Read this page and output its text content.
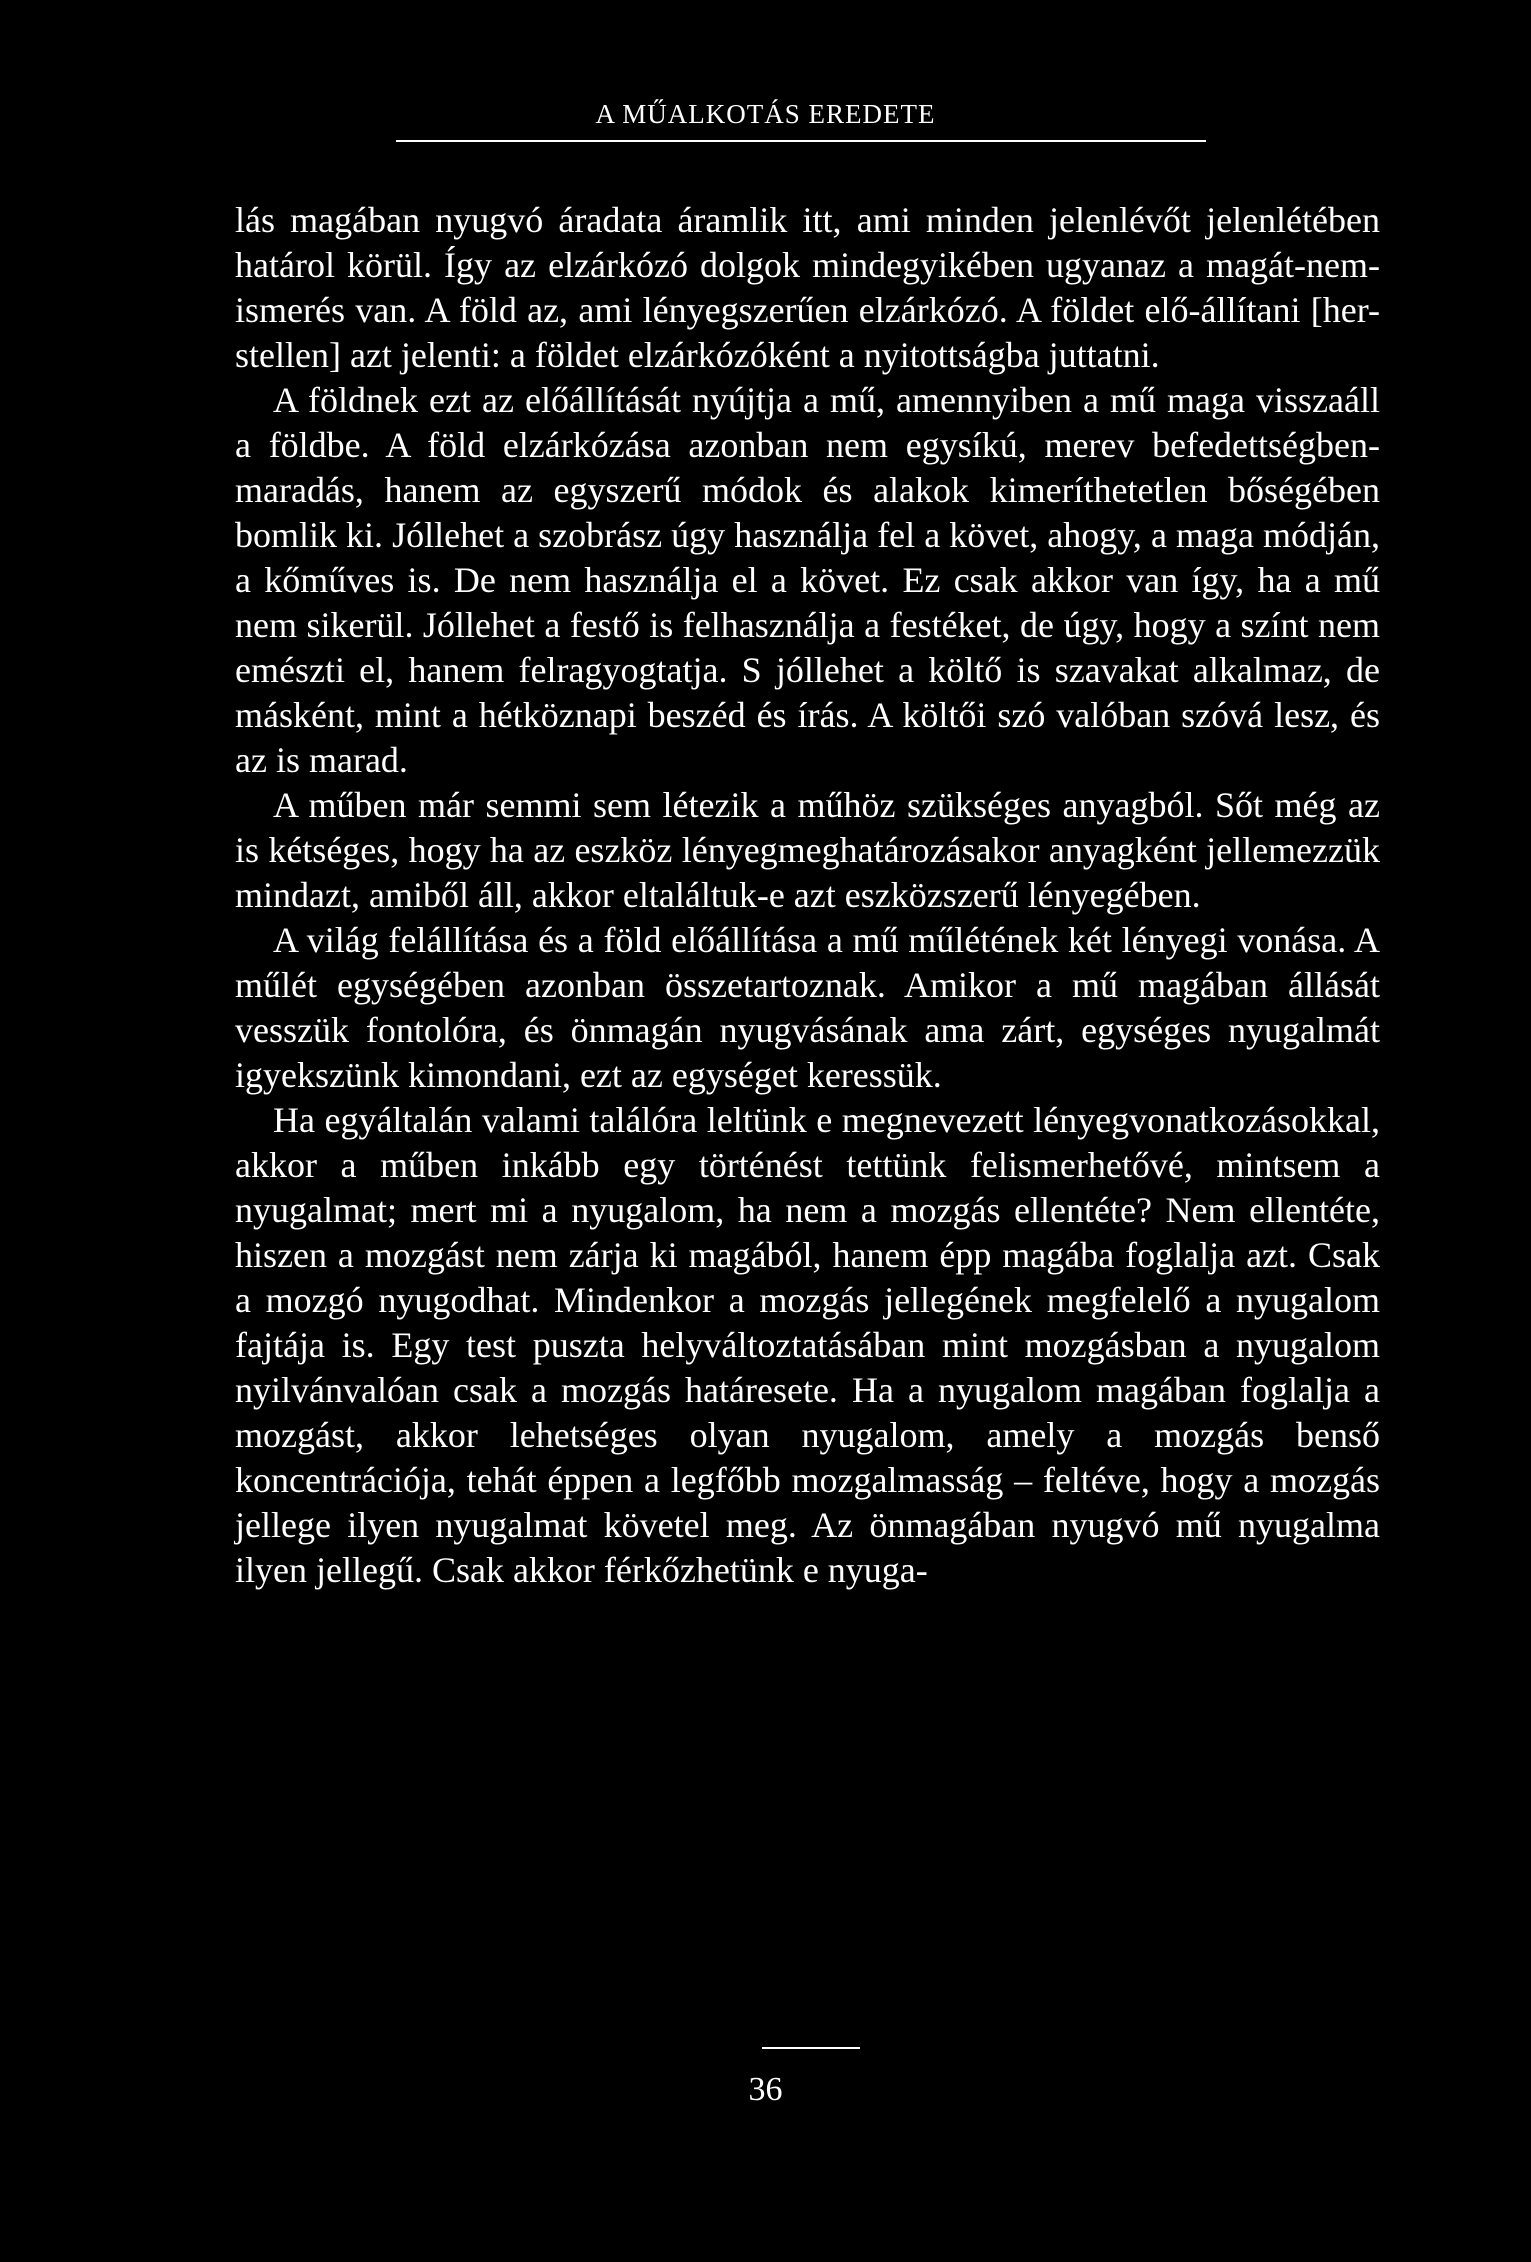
A MŰALKOTÁS EREDETE

lás magában nyugvó áradata áramlik itt, ami minden jelenlévőt jelenlétében határol körül. Így az elzárkózó dolgok mindegyikében ugyanaz a magát-nem-ismerés van. A föld az, ami lényegszerűen elzárkózó. A földet elő-állítani [her-stellen] azt jelenti: a földet elzárkózóként a nyitottságba juttatni.

A földnek ezt az előállítását nyújtja a mű, amennyiben a mű maga visszaáll a földbe. A föld elzárkózása azonban nem egysíkú, merev befedettségben-maradás, hanem az egyszerű módok és alakok kimeríthetetlen bőségében bomlik ki. Jóllehet a szobrász úgy használja fel a követ, ahogy, a maga módján, a kőműves is. De nem használja el a követ. Ez csak akkor van így, ha a mű nem sikerül. Jóllehet a festő is felhasználja a festéket, de úgy, hogy a színt nem emészti el, hanem felragyogtatja. S jóllehet a költő is szavakat alkalmaz, de másként, mint a hétköznapi beszéd és írás. A költői szó valóban szóvá lesz, és az is marad.

A műben már semmi sem létezik a műhöz szükséges anyagból. Sőt még az is kétséges, hogy ha az eszköz lényegmeghatározásakor anyagként jellemezzük mindazt, amiből áll, akkor eltaláltuk-e azt eszközszerű lényegében.

A világ felállítása és a föld előállítása a mű műlétének két lényegi vonása. A műlét egységében azonban összetartoznak. Amikor a mű magában állását vesszük fontolóra, és önmagán nyugvásának ama zárt, egységes nyugalmát igyekszünk kimondani, ezt az egységet keressük.

Ha egyáltalán valami találóra leltünk e megnevezett lényegvonatkozásokkal, akkor a műben inkább egy történést tettünk felismerhetővé, mintsem a nyugalmat; mert mi a nyugalom, ha nem a mozgás ellentéte? Nem ellentéte, hiszen a mozgást nem zárja ki magából, hanem épp magába foglalja azt. Csak a mozgó nyugodhat. Mindenkor a mozgás jellegének megfelelő a nyugalom fajtája is. Egy test puszta helyváltoztatásában mint mozgásban a nyugalom nyilvánvalóan csak a mozgás határesete. Ha a nyugalom magában foglalja a mozgást, akkor lehetséges olyan nyugalom, amely a mozgás benső koncentrációja, tehát éppen a legfőbb mozgalmasság – feltéve, hogy a mozgás jellege ilyen nyugalmat követel meg. Az önmagában nyugvó mű nyugalma ilyen jellegű. Csak akkor férkőzhetünk e nyuga-

36
